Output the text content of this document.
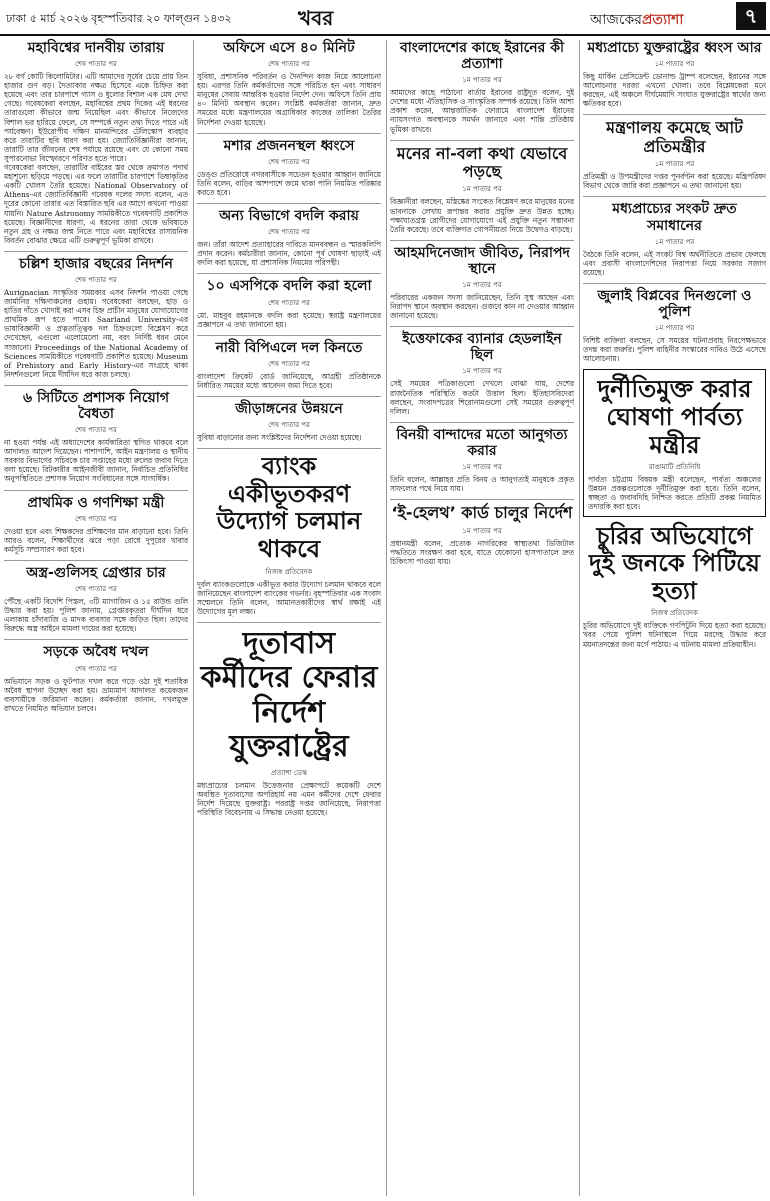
ঢাকা ৫ মার্চ ২০২৬ বৃহস্পতিবার ২০ ফাল্গুন ১৪৩২	খবর	আজকেরপ্রত্যাশা	৭
মহাবিশ্বের দানবীয় তারায়
শেষ পাতার পর

২৮ বর্গ কোটি কিলোমিটার। এটি আমাদের সূর্যের চেয়ে প্রায় তিন হাজার গুণ বড়। দৈত্যাকার নক্ষত্র হিসেবে একে চিহ্নিত করা হয়েছে এবং তার চারপাশে গ্যাস ও ধুলোর বিশাল এক মেঘ দেখা গেছে। গবেষকেরা বলছেন, মহাবিশ্বের প্রথম দিকের এই ধরনের তারাগুলো কীভাবে জন্ম নিয়েছিল এবং কীভাবে নিজেদের বিশাল ভর হারিয়ে ফেলে, সে সম্পর্কে নতুন তথ্য দিতে পারে এই পর্যবেক্ষণ। ইউরোপীয় দক্ষিণ মানমন্দিরের টেলিস্কোপ ব্যবহার করে তারাটির ছবি ধারণ করা হয়। জ্যোতির্বিজ্ঞানীরা জানান, তারাটি তার জীবনের শেষ পর্যায়ে রয়েছে এবং যে কোনো সময় সুপারনোভা বিস্ফোরণে পরিণত হতে পারে।

গবেষকেরা বলছেন, তারাটির বাইরের স্তর থেকে ক্রমাগত পদার্থ মহাশূন্যে ছড়িয়ে পড়ছে। এর ফলে তারাটির চারপাশে ডিম্বাকৃতির একটি খোলস তৈরি হয়েছে। National Observatory of Athens-এর জ্যোতির্বিজ্ঞানী গবেষক দলের সদস্য বলেন, এত দূরের কোনো তারার এত বিস্তারিত ছবি এর আগে কখনো পাওয়া যায়নি। Nature Astronomy সাময়িকীতে গবেষণাটি প্রকাশিত হয়েছে। বিজ্ঞানীদের ধারণা, এ ধরনের তারা থেকে ভবিষ্যতে নতুন গ্রহ ও নক্ষত্র জন্ম নিতে পারে এবং মহাবিশ্বের রাসায়নিক বিবর্তন বোঝার ক্ষেত্রে এটি গুরুত্বপূর্ণ ভূমিকা রাখবে।

চল্লিশ হাজার বছরের নিদর্শন
শেষ পাতার পর

Aurignacian সংস্কৃতির সময়কার এসব নিদর্শন পাওয়া গেছে জার্মানির দক্ষিণাঞ্চলের গুহায়। গবেষকেরা বলছেন, হাড় ও হাতির দাঁতে খোদাই করা এসব চিহ্ন প্রাচীন মানুষের যোগাযোগের প্রাথমিক রূপ হতে পারে। Saarland University-এর ভাষাবিজ্ঞানী ও প্রত্নতাত্ত্বিক দল চিহ্নগুলো বিশ্লেষণ করে দেখেছেন, এগুলো এলোমেলো নয়, বরং নির্দিষ্ট ধরন মেনে সাজানো। Proceedings of the National Academy of Sciences সাময়িকীতে গবেষণাটি প্রকাশিত হয়েছে। Museum of Prehistory and Early History-এর সংগ্রহে থাকা নিদর্শনগুলো নিয়ে দীর্ঘদিন ধরে কাজ চলছে।

৬ সিটিতে প্রশাসক নিয়োগ বৈধতা
শেষ পাতার পর

না হওয়া পর্যন্ত এই অধ্যাদেশের কার্যকারিতা স্থগিত থাকবে বলে আদালত আদেশ দিয়েছেন। পাশাপাশি, আইন মন্ত্রণালয় ও স্থানীয় সরকার বিভাগের সচিবকে চার সপ্তাহের মধ্যে রুলের জবাব দিতে বলা হয়েছে। রিটকারীর আইনজীবী জানান, নির্বাচিত প্রতিনিধির অনুপস্থিতিতে প্রশাসক নিয়োগ সংবিধানের সঙ্গে সাংঘর্ষিক।

প্রাথমিক ও গণশিক্ষা মন্ত্রী
শেষ পাতার পর

দেওয়া হবে এবং শিক্ষকদের প্রশিক্ষণের মান বাড়ানো হবে। তিনি আরও বলেন, শিক্ষার্থীদের ঝরে পড়া রোধে দুপুরের খাবার কর্মসূচি সম্প্রসারণ করা হবে।

অস্ত্র-গুলিসহ গ্রেপ্তার চার
শেষ পাতার পর

পৌঁছে একটি বিদেশি পিস্তল, ৩টি ম্যাগাজিন ও ১৫ রাউন্ড গুলি উদ্ধার করা হয়। পুলিশ জানায়, গ্রেপ্তারকৃতরা দীর্ঘদিন ধরে এলাকায় চাঁদাবাজি ও মাদক ব্যবসার সঙ্গে জড়িত ছিল। তাদের বিরুদ্ধে অস্ত্র আইনে মামলা দায়ের করা হয়েছে।

সড়কে অবৈধ দখল
শেষ পাতার পর

অভিযানে সড়ক ও ফুটপাত দখল করে গড়ে ওঠা দুই শতাধিক অবৈধ স্থাপনা উচ্ছেদ করা হয়। ভ্রাম্যমাণ আদালত কয়েকজন ব্যবসায়ীকে জরিমানা করেন। কর্মকর্তারা জানান, দখলমুক্ত রাখতে নিয়মিত অভিযান চলবে।

অফিসে এসে ৪০ মিনিট
শেষ পাতার পর

সুবিধা, প্রশাসনিক পরিবর্তন ও দৈনন্দিন কাজ নিয়ে আলোচনা হয়। এরপর তিনি কর্মকর্তাদের সঙ্গে পরিচিত হন এবং সাধারণ মানুষের সেবায় আন্তরিক হওয়ার নির্দেশ দেন। অফিসে তিনি প্রায় ৪০ মিনিট অবস্থান করেন। সংশ্লিষ্ট কর্মকর্তারা জানান, দ্রুত সময়ের মধ্যে মন্ত্রণালয়ের অগ্রাধিকার কাজের তালিকা তৈরির নির্দেশনা দেওয়া হয়েছে।

মশার প্রজননস্থল ধ্বংসে
শেষ পাতার পর

ডেঙ্গু প্রতিরোধে নগরবাসীকে সচেতন হওয়ার আহ্বান জানিয়ে তিনি বলেন, বাড়ির আশপাশে জমে থাকা পানি নিয়মিত পরিষ্কার করতে হবে।

অন্য বিভাগে বদলি করায়
শেষ পাতার পর

জন। তাঁরা আদেশ প্রত্যাহারের দাবিতে মানববন্ধন ও স্মারকলিপি প্রদান করেন। কর্মচারীরা জানান, কোনো পূর্ব ঘোষণা ছাড়াই এই বদলি করা হয়েছে, যা প্রশাসনিক নিয়মের পরিপন্থী।

১০ এসপিকে বদলি করা হলো
শেষ পাতার পর

মো. মাহবুব রহমানকে বদলি করা হয়েছে। স্বরাষ্ট্র মন্ত্রণালয়ের প্রজ্ঞাপনে এ তথ্য জানানো হয়।

নারী বিপিএলে দল কিনতে
শেষ পাতার পর

বাংলাদেশ ক্রিকেট বোর্ড জানিয়েছে, আগ্রহী প্রতিষ্ঠানকে নির্ধারিত সময়ের মধ্যে আবেদন জমা দিতে হবে।

জীড়াঙ্গনের উন্নয়নে
শেষ পাতার পর

সুবিধা বাড়ানোর জন্য সংশ্লিষ্টদের নির্দেশনা দেওয়া হয়েছে।

ব্যাংক একীভূতকরণ উদ্যোগ চলমান থাকবে
নিজস্ব প্রতিবেদক

দুর্বল ব্যাংকগুলোকে একীভূত করার উদ্যোগ চলমান থাকবে বলে জানিয়েছেন বাংলাদেশ ব্যাংকের গভর্নর। বৃহস্পতিবার এক সংবাদ সম্মেলনে তিনি বলেন, আমানতকারীদের স্বার্থ রক্ষাই এই উদ্যোগের মূল লক্ষ্য।

দূতাবাস কর্মীদের ফেরার নির্দেশ যুক্তরাষ্ট্রের
প্রত্যাশা ডেস্ক

মধ্যপ্রাচ্যের চলমান উত্তেজনার প্রেক্ষাপটে কয়েকটি দেশে অবস্থিত দূতাবাসের অপরিহার্য নয় এমন কর্মীদের দেশে ফেরার নির্দেশ দিয়েছে যুক্তরাষ্ট্র। পররাষ্ট্র দপ্তর জানিয়েছে, নিরাপত্তা পরিস্থিতি বিবেচনায় এ সিদ্ধান্ত নেওয়া হয়েছে।

বাংলাদেশের কাছে ইরানের কী প্রত্যাশা
১ম পাতার পর

আমাদের কাছে পাঠানো বার্তায় ইরানের রাষ্ট্রদূত বলেন, দুই দেশের মধ্যে ঐতিহাসিক ও সাংস্কৃতিক সম্পর্ক রয়েছে। তিনি আশা প্রকাশ করেন, আন্তর্জাতিক ফোরামে বাংলাদেশ ইরানের ন্যায়সংগত অবস্থানকে সমর্থন জানাবে এবং শান্তি প্রতিষ্ঠায় ভূমিকা রাখবে।

মনের না-বলা কথা যেভাবে পড়ছে
১ম পাতার পর

বিজ্ঞানীরা বলছেন, মস্তিষ্কের সংকেত বিশ্লেষণ করে মানুষের মনের ভাবনাকে লেখায় রূপান্তর করার প্রযুক্তি দ্রুত উন্নত হচ্ছে। পক্ষাঘাতগ্রস্ত রোগীদের যোগাযোগে এই প্রযুক্তি নতুন সম্ভাবনা তৈরি করেছে। তবে ব্যক্তিগত গোপনীয়তা নিয়ে উদ্বেগও বাড়ছে।

আহমদিনেজাদ জীবিত, নিরাপদ স্থানে
১ম পাতার পর

পরিবারের একজন সদস্য জানিয়েছেন, তিনি সুস্থ আছেন এবং নিরাপদ স্থানে অবস্থান করছেন। গুজবে কান না দেওয়ার আহ্বান জানানো হয়েছে।

ইত্তেফাকের ব্যানার হেডলাইন ছিল
১ম পাতার পর

সেই সময়ের পত্রিকাগুলো দেখলে বোঝা যায়, দেশের রাজনৈতিক পরিস্থিতি কতটা উত্তাল ছিল। ইতিহাসবিদেরা বলছেন, সংবাদপত্রের শিরোনামগুলো সেই সময়ের গুরুত্বপূর্ণ দলিল।

বিনয়ী বান্দাদের মতো আনুগত্য করার
১ম পাতার পর

তিনি বলেন, আল্লাহর প্রতি বিনয় ও আনুগত্যই মানুষকে প্রকৃত সাফল্যের পথে নিয়ে যায়।

‘ই-হেলথ’ কার্ড চালুর নির্দেশ
১ম পাতার পর

প্রধানমন্ত্রী বলেন, প্রত্যেক নাগরিকের স্বাস্থ্যতথ্য ডিজিটাল পদ্ধতিতে সংরক্ষণ করা হবে, যাতে যেকোনো হাসপাতালে দ্রুত চিকিৎসা পাওয়া যায়।

মধ্যপ্রাচ্যে যুক্তরাষ্ট্রের ধ্বংস আর
১ম পাতার পর

কিছু মার্কিন প্রেসিডেন্ট ডোনাল্ড ট্রাম্প বলেছেন, ইরানের সঙ্গে আলোচনার দরজা এখনো খোলা। তবে বিশ্লেষকেরা মনে করছেন, এই অঞ্চলে দীর্ঘমেয়াদি সংঘাত যুক্তরাষ্ট্রের স্বার্থের জন্য ক্ষতিকর হবে।

মন্ত্রণালয় কমেছে আট প্রতিমন্ত্রীর
১ম পাতার পর

প্রতিমন্ত্রী ও উপমন্ত্রীদের দপ্তর পুনর্বণ্টন করা হয়েছে। মন্ত্রিপরিষদ বিভাগ থেকে জারি করা প্রজ্ঞাপনে এ তথ্য জানানো হয়।

মধ্যপ্রাচ্যের সংকট দ্রুত সমাধানের
১ম পাতার পর

বৈঠকে তিনি বলেন, এই সংকট বিশ্ব অর্থনীতিতে প্রভাব ফেলছে এবং প্রবাসী বাংলাদেশিদের নিরাপত্তা নিয়ে সরকার সজাগ রয়েছে।

জুলাই বিপ্লবের দিনগুলো ও পুলিশ
১ম পাতার পর

বিশিষ্ট ব্যক্তিরা বলছেন, সে সময়ের ঘটনাপ্রবাহ নিরপেক্ষভাবে তদন্ত করা জরুরি। পুলিশ বাহিনীর সংস্কারের দাবিও উঠে এসেছে আলোচনায়।

দুর্নীতিমুক্ত করার ঘোষণা পার্বত্য মন্ত্রীর
রাঙামাটি প্রতিনিধি

পার্বত্য চট্টগ্রাম বিষয়ক মন্ত্রী বলেছেন, পার্বত্য অঞ্চলের উন্নয়ন প্রকল্পগুলোকে দুর্নীতিমুক্ত করা হবে। তিনি বলেন, স্বচ্ছতা ও জবাবদিহি নিশ্চিত করতে প্রতিটি প্রকল্প নিয়মিত তদারকি করা হবে।

চুরির অভিযোগে দুই জনকে পিটিয়ে হত্যা
নিজস্ব প্রতিবেদক

চুরির অভিযোগে দুই ব্যক্তিকে গণপিটুনি দিয়ে হত্যা করা হয়েছে। খবর পেয়ে পুলিশ ঘটনাস্থলে গিয়ে মরদেহ উদ্ধার করে ময়নাতদন্তের জন্য মর্গে পাঠায়। এ ঘটনায় মামলা প্রক্রিয়াধীন।
